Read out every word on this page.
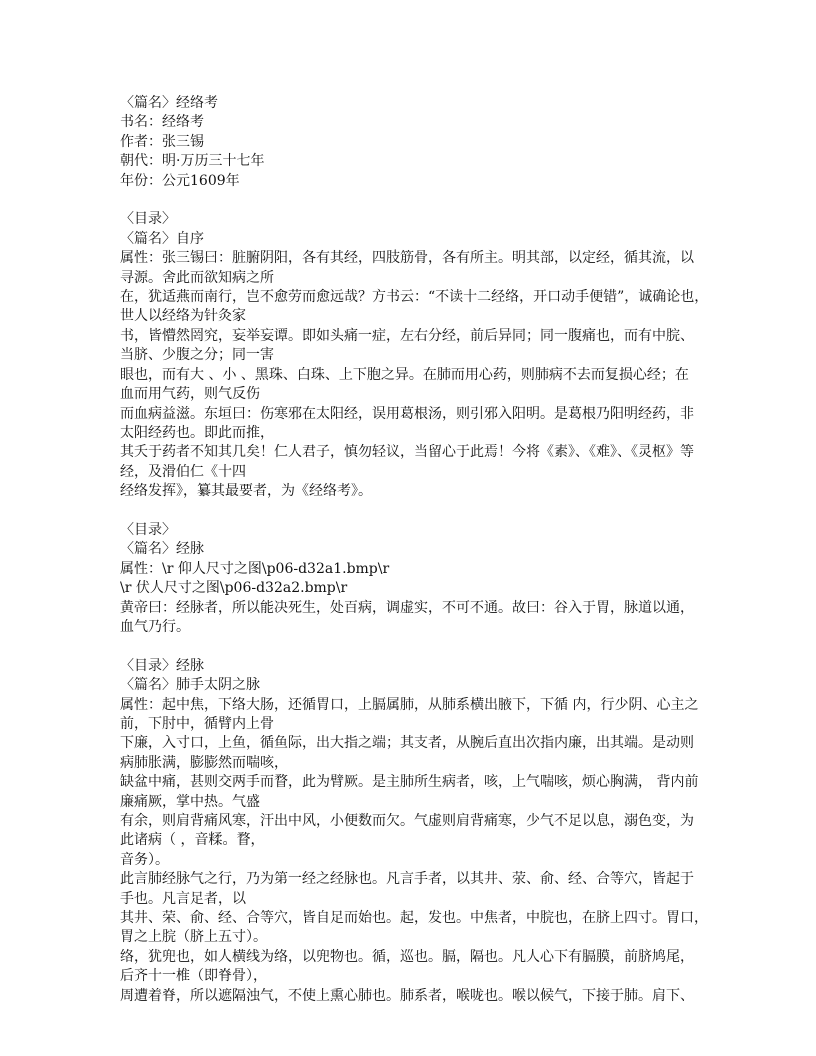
〈篇名〉经络考
书名：经络考
作者：张三锡
朝代：明·万历三十七年
年份：公元1609年
〈目录〉
〈篇名〉自序
属性：张三锡曰：脏腑阴阳，各有其经，四肢筋骨，各有所主。明其部，以定经，循其流，以
寻源。舍此而欲知病之所
在，犹适燕而南行，岂不愈劳而愈远哉？方书云：“不读十二经络，开口动手便错”，诚确论也，
世人以经络为针灸家
书，皆懵然罔究，妄举妄谭。即如头痛一症，左右分经，前后异同；同一腹痛也，而有中脘、
当脐、少腹之分；同一害
眼也，而有大 、小 、黑珠、白珠、上下胞之异。在肺而用心药，则肺病不去而复损心经；在
血而用气药，则气反伤
而血病益滋。东垣曰：伤寒邪在太阳经，误用葛根汤，则引邪入阳明。是葛根乃阳明经药，非
太阳经药也。即此而推，
其夭于药者不知其几矣！仁人君子，慎勿轻议，当留心于此焉！今将《素》、《难》、《灵枢》等
经，及滑伯仁《十四
经络发挥》，纂其最要者，为《经络考》。
〈目录〉
〈篇名〉经脉
属性：\r 仰人尺寸之图\p06-d32a1.bmp\r
\r 伏人尺寸之图\p06-d32a2.bmp\r
黄帝曰：经脉者，所以能决死生，处百病，调虚实，不可不通。故曰：谷入于胃，脉道以通，
血气乃行。
〈目录〉经脉
〈篇名〉肺手太阴之脉
属性：起中焦，下络大肠，还循胃口，上膈属肺，从肺系横出腋下，下循 内，行少阴、心主之
前，下肘中，循臂内上骨
下廉，入寸口，上鱼，循鱼际，出大指之端；其支者，从腕后直出次指内廉，出其端。是动则
病肺胀满，膨膨然而喘咳，
缺盆中痛，甚则交两手而瞀，此为臂厥。是主肺所生病者，咳，上气喘咳，烦心胸满， 背内前
廉痛厥，掌中热。气盛
有余，则肩背痛风寒，汗出中风，小便数而欠。气虚则肩背痛寒，少气不足以息，溺色变，为
此诸病（ ，音糅。瞀，
音务）。
此言肺经脉气之行，乃为第一经之经脉也。凡言手者，以其井、荥、俞、经、合等穴，皆起于
手也。凡言足者，以
其井、荣、俞、经、合等穴，皆自足而始也。起，发也。中焦者，中脘也，在脐上四寸。胃口，
胃之上脘（脐上五寸）。
络，犹兜也，如人横线为络，以兜物也。循，巡也。膈，隔也。凡人心下有膈膜，前脐鸠尾，
后齐十一椎（即脊骨），
周遭着脊，所以遮隔浊气，不使上熏心肺也。肺系者，喉咙也。喉以候气，下接于肺。肩下、
